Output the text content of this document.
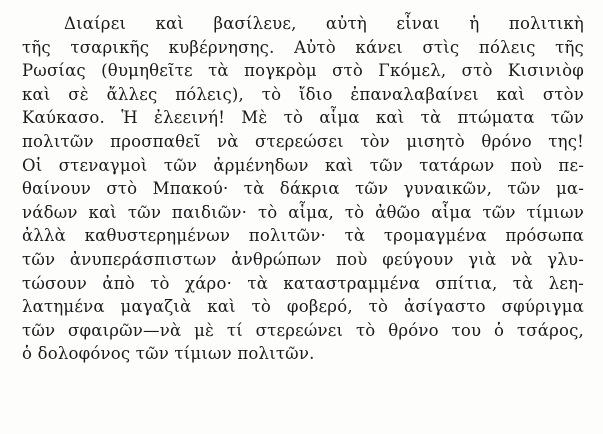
Διαίρει καὶ βασίλευε, αὐτὴ εἶναι ἡ πολιτικὴ
τῆς τσαρικῆς κυβέρνησης. Αὐτὸ κάνει στὶς πόλεις τῆς
Ρωσίας (θυμηθεῖτε τὰ πογκρὸμ στὸ Γκόμελ, στὸ Κισινιὸφ
καὶ σὲ ἄλλες πόλεις), τὸ ἴδιο ἐπαναλαβαίνει καὶ στὸν
Καύκασο. Ἡ ἐλεεινή! Μὲ τὸ αἷμα καὶ τὰ πτώματα τῶν
πολιτῶν προσπαθεῖ νὰ στερεώσει τὸν μισητὸ θρόνο της!
Οἱ στεναγμοὶ τῶν ἀρμένηδων καὶ τῶν τατάρων ποὺ πε-
θαίνουν στὸ Μπακού· τὰ δάκρια τῶν γυναικῶν, τῶν μα-
νάδων καὶ τῶν παιδιῶν· τὸ αἷμα, τὸ ἀθῶο αἷμα τῶν τίμιων
ἀλλὰ καθυστερημένων πολιτῶν· τὰ τρομαγμένα πρόσωπα
τῶν ἀνυπεράσπιστων ἀνθρώπων ποὺ φεύγουν γιὰ νὰ γλυ-
τώσουν ἀπὸ τὸ χάρο· τὰ καταστραμμένα σπίτια, τὰ λεη-
λατημένα μαγαζιὰ καὶ τὸ φοβερό, τὸ ἀσίγαστο σφύριγμα
τῶν σφαιρῶν—νὰ μὲ τί στερεώνει τὸ θρόνο του ὁ τσάρος,
ὁ δολοφόνος τῶν τίμιων πολιτῶν.
